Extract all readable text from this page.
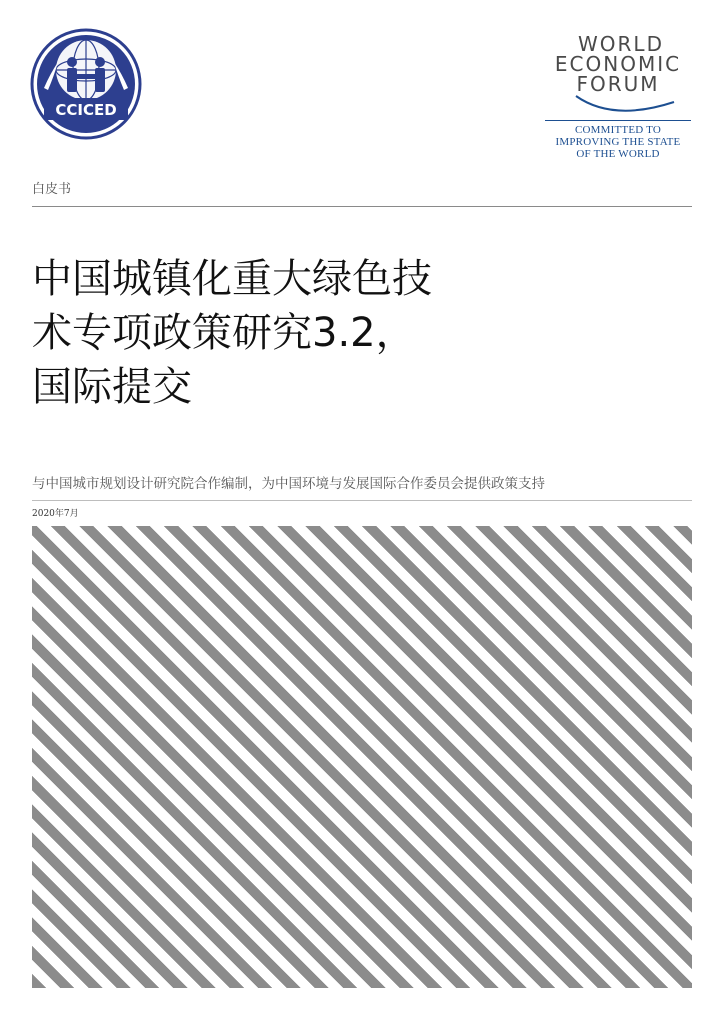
CCICED
WORLD
ECONOMIC
FORUM
COMMITTED TO
IMPROVING THE STATE
OF THE WORLD
白皮书
中国城镇化重大绿色技
术专项政策研究3.2，
国际提交
与中国城市规划设计研究院合作编制，为中国环境与发展国际合作委员会提供政策支持
2020年7月
